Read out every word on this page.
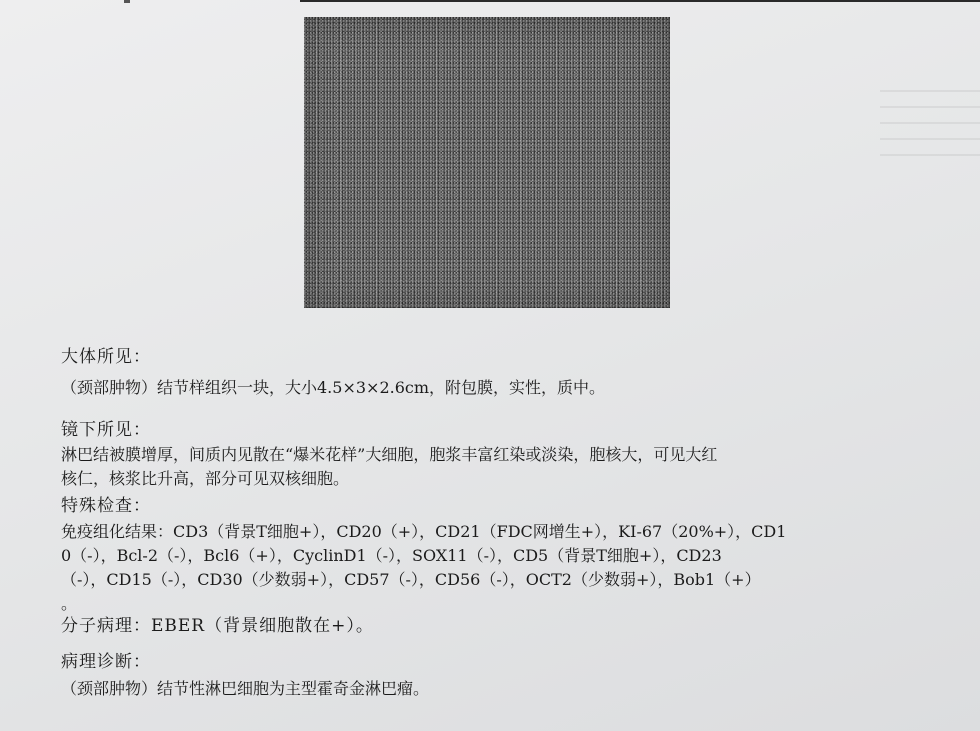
大体所见：
（颈部肿物）结节样组织一块，大小4.5×3×2.6cm，附包膜，实性，质中。
镜下所见：
淋巴结被膜增厚，间质内见散在“爆米花样”大细胞，胞浆丰富红染或淡染，胞核大，可见大红
核仁，核浆比升高，部分可见双核细胞。
特殊检查：
免疫组化结果：CD3（背景T细胞+），CD20（+），CD21（FDC网增生+），KI-67（20%+），CD1
0（-），Bcl-2（-），Bcl6（+），CyclinD1（-），SOX11（-），CD5（背景T细胞+），CD23
（-），CD15（-），CD30（少数弱+），CD57（-），CD56（-），OCT2（少数弱+），Bob1（+）
。
分子病理：EBER（背景细胞散在+）。
病理诊断：
（颈部肿物）结节性淋巴细胞为主型霍奇金淋巴瘤。
